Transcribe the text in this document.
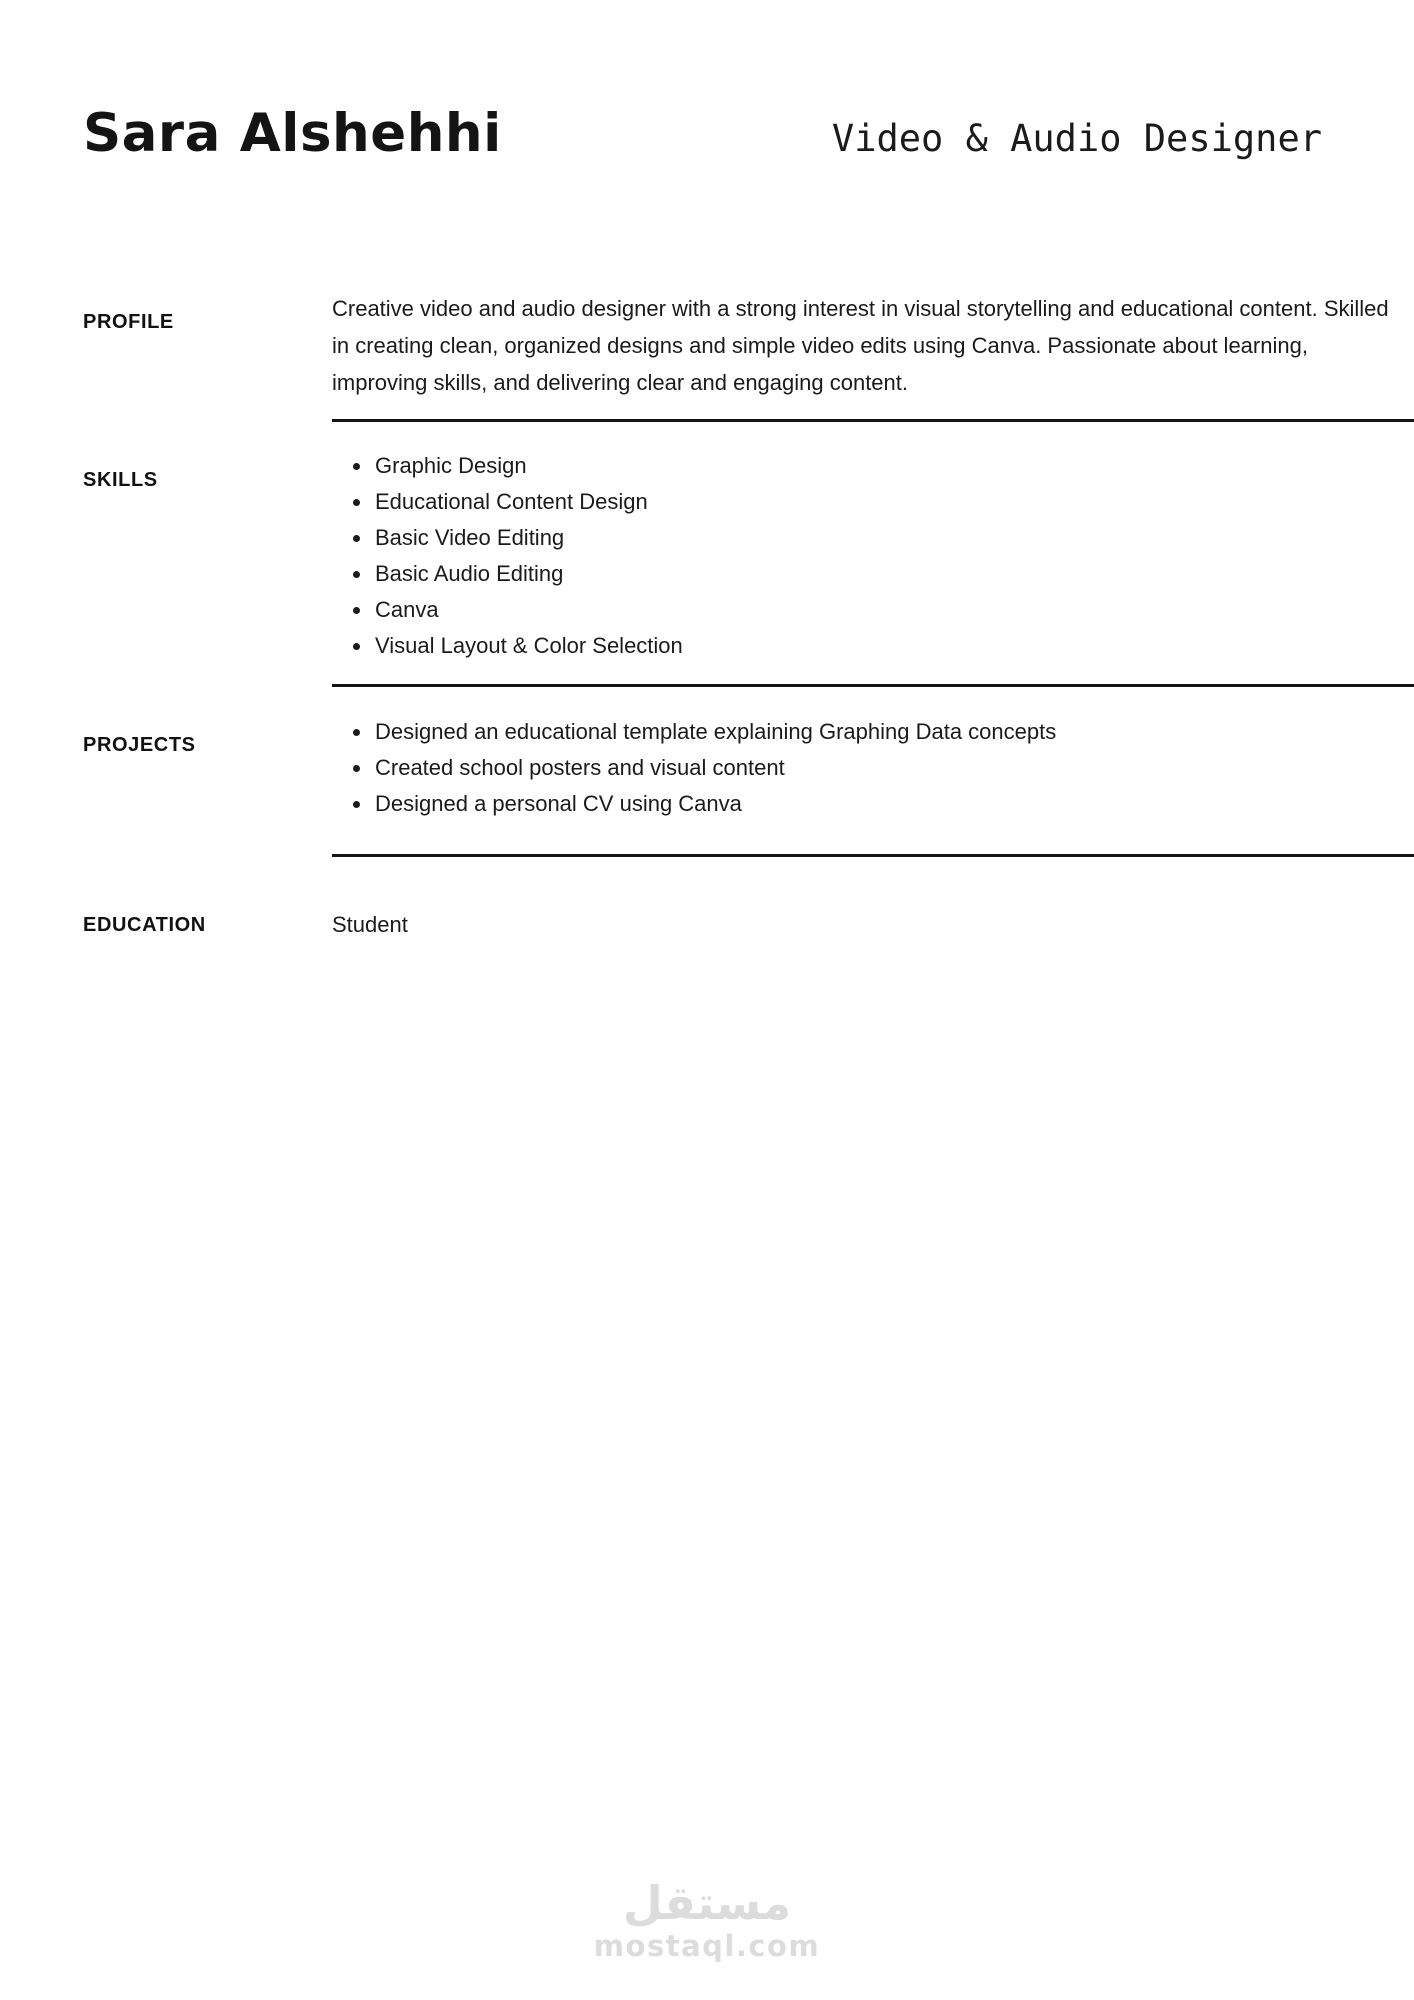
Sara Alshehhi	Video & Audio Designer
PROFILE

Creative video and audio designer with a strong interest in visual storytelling and educational content. Skilled in creating clean, organized designs and simple video edits using Canva. Passionate about learning, improving skills, and delivering clear and engaging content.

SKILLS
Graphic Design
Educational Content Design
Basic Video Editing
Basic Audio Editing
Canva
Visual Layout & Color Selection
PROJECTS
Designed an educational template explaining Graphing Data concepts
Created school posters and visual content
Designed a personal CV using Canva
EDUCATION	Student
مستقل
mostaql.com
